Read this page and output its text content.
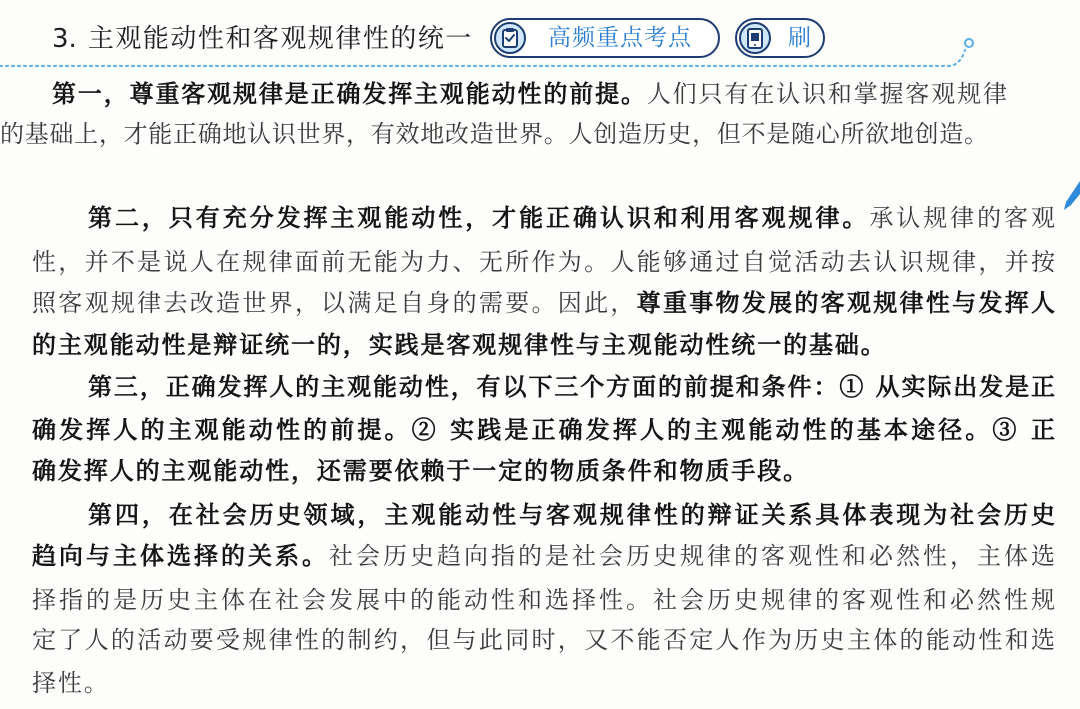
3. 主观能动性和客观规律性的统一	高频重点考点	刷
第一，尊重客观规律是正确发挥主观能动性的前提。人们只有在认识和掌握客观规律
的基础上，才能正确地认识世界，有效地改造世界。人创造历史，但不是随心所欲地创造。
第二，只有充分发挥主观能动性，才能正确认识和利用客观规律。承认规律的客观
性，并不是说人在规律面前无能为力、无所作为。人能够通过自觉活动去认识规律，并按
照客观规律去改造世界，以满足自身的需要。因此，尊重事物发展的客观规律性与发挥人
的主观能动性是辩证统一的，实践是客观规律性与主观能动性统一的基础。
第三，正确发挥人的主观能动性，有以下三个方面的前提和条件：① 从实际出发是正
确发挥人的主观能动性的前提。② 实践是正确发挥人的主观能动性的基本途径。③ 正
确发挥人的主观能动性，还需要依赖于一定的物质条件和物质手段。
第四，在社会历史领域，主观能动性与客观规律性的辩证关系具体表现为社会历史
趋向与主体选择的关系。社会历史趋向指的是社会历史规律的客观性和必然性，主体选
择指的是历史主体在社会发展中的能动性和选择性。社会历史规律的客观性和必然性规
定了人的活动要受规律性的制约，但与此同时，又不能否定人作为历史主体的能动性和选
择性。
